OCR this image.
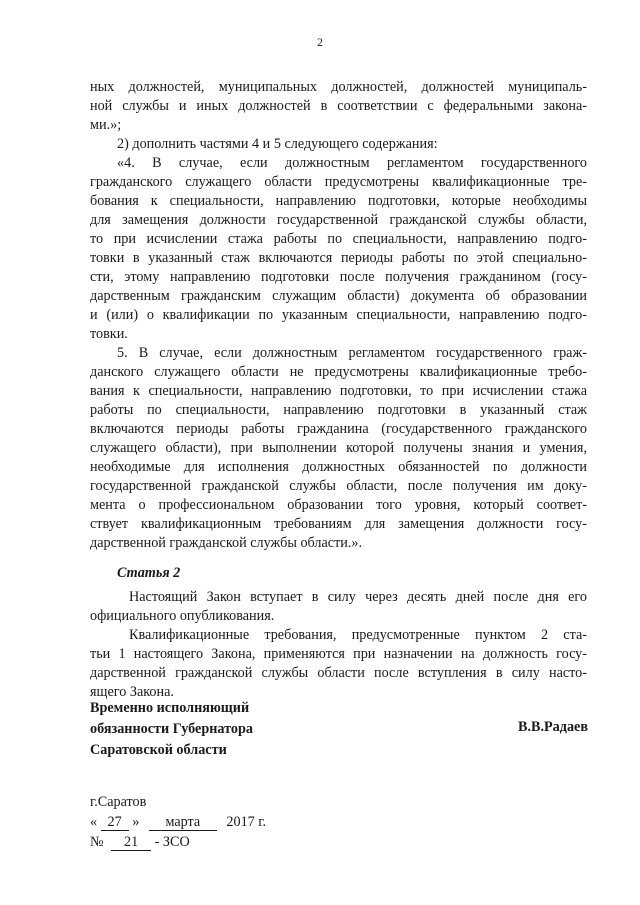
2
ных должностей, муниципальных должностей, должностей муниципаль-
ной службы и иных должностей в соответствии с федеральными закона-
ми.»;
2) дополнить частями 4 и 5 следующего содержания:
«4. В случае, если должностным регламентом государственного
гражданского служащего области предусмотрены квалификационные тре-
бования к специальности, направлению подготовки, которые необходимы
для замещения должности государственной гражданской службы области,
то при исчислении стажа работы по специальности, направлению подго-
товки в указанный стаж включаются периоды работы по этой специально-
сти, этому направлению подготовки после получения гражданином (госу-
дарственным гражданским служащим области) документа об образовании
и (или) о квалификации по указанным специальности, направлению подго-
товки.
5. В случае, если должностным регламентом государственного граж-
данского служащего области не предусмотрены квалификационные требо-
вания к специальности, направлению подготовки, то при исчислении стажа
работы по специальности, направлению подготовки в указанный стаж
включаются периоды работы гражданина (государственного гражданского
служащего области), при выполнении которой получены знания и умения,
необходимые для исполнения должностных обязанностей по должности
государственной гражданской службы области, после получения им доку-
мента о профессиональном образовании того уровня, который соответ-
ствует квалификационным требованиям для замещения должности госу-
дарственной гражданской службы области.».
Статья 2
Настоящий Закон вступает в силу через десять дней после дня его
официального опубликования.
Квалификационные требования, предусмотренные пунктом 2 ста-
тьи 1 настоящего Закона, применяются при назначении на должность госу-
дарственной гражданской службы области после вступления в силу насто-
ящего Закона.
Временно исполняющий
обязанности Губернатора
Саратовской области
В.В.Радаев
г.Саратов
« 27 » марта 2017 г.
№ 21 - ЗСО
